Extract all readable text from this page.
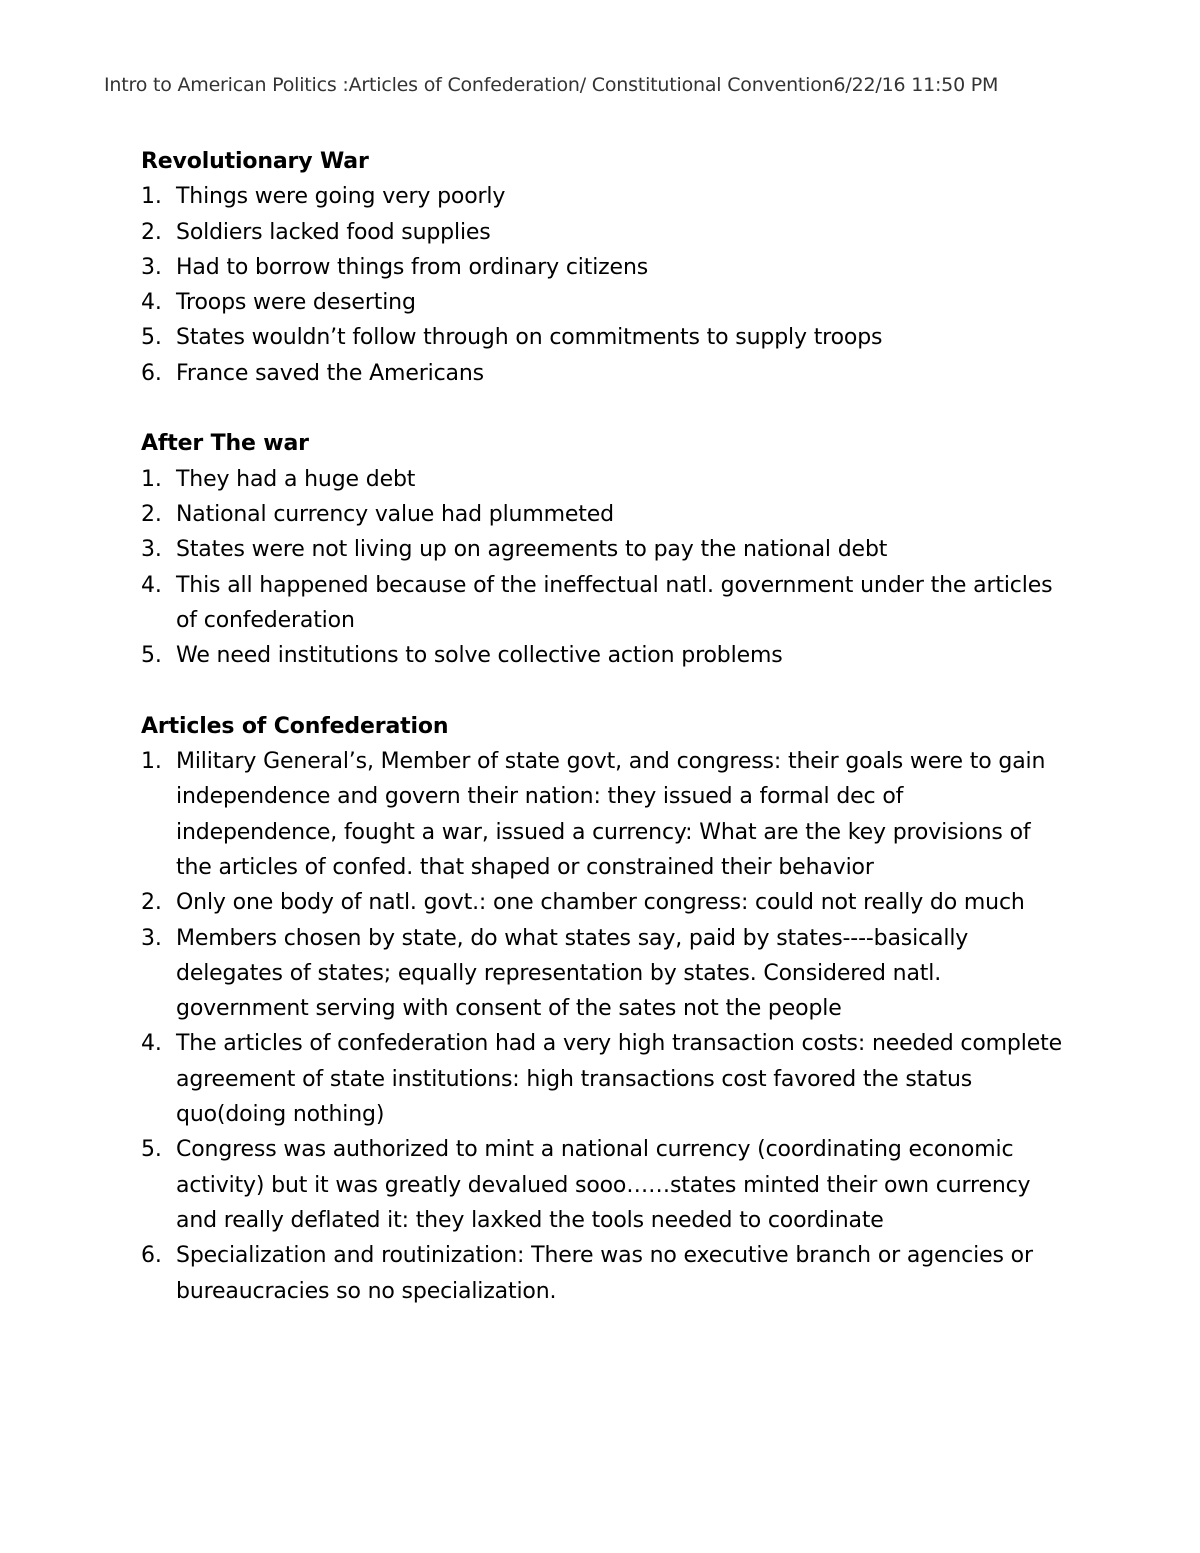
Intro to American Politics :Articles of Confederation/ Constitutional Convention6/22/16 11:50 PM
Revolutionary War
1. Things were going very poorly
2. Soldiers lacked food supplies
3. Had to borrow things from ordinary citizens
4. Troops were deserting
5. States wouldn’t follow through on commitments to supply troops
6. France saved the Americans
After The war
1. They had a huge debt
2. National currency value had plummeted
3. States were not living up on agreements to pay the national debt
4. This all happened because of the ineffectual natl. government under the articles of confederation
5. We need institutions to solve collective action problems
Articles of Confederation
1. Military General’s, Member of state govt, and congress: their goals were to gain independence and govern their nation: they issued a formal dec of independence, fought a war, issued a currency: What are the key provisions of the articles of confed. that shaped or constrained their behavior
2. Only one body of natl. govt.: one chamber congress: could not really do much
3. Members chosen by state, do what states say, paid by states----basically delegates of states; equally representation by states. Considered natl. government serving with consent of the sates not the people
4. The articles of confederation had a very high transaction costs: needed complete agreement of state institutions: high transactions cost favored the status quo(doing nothing)
5. Congress was authorized to mint a national currency (coordinating economic activity) but it was greatly devalued sooo……states minted their own currency and really deflated it: they laxked the tools needed to coordinate
6. Specialization and routinization: There was no executive branch or agencies or bureaucracies so no specialization.
